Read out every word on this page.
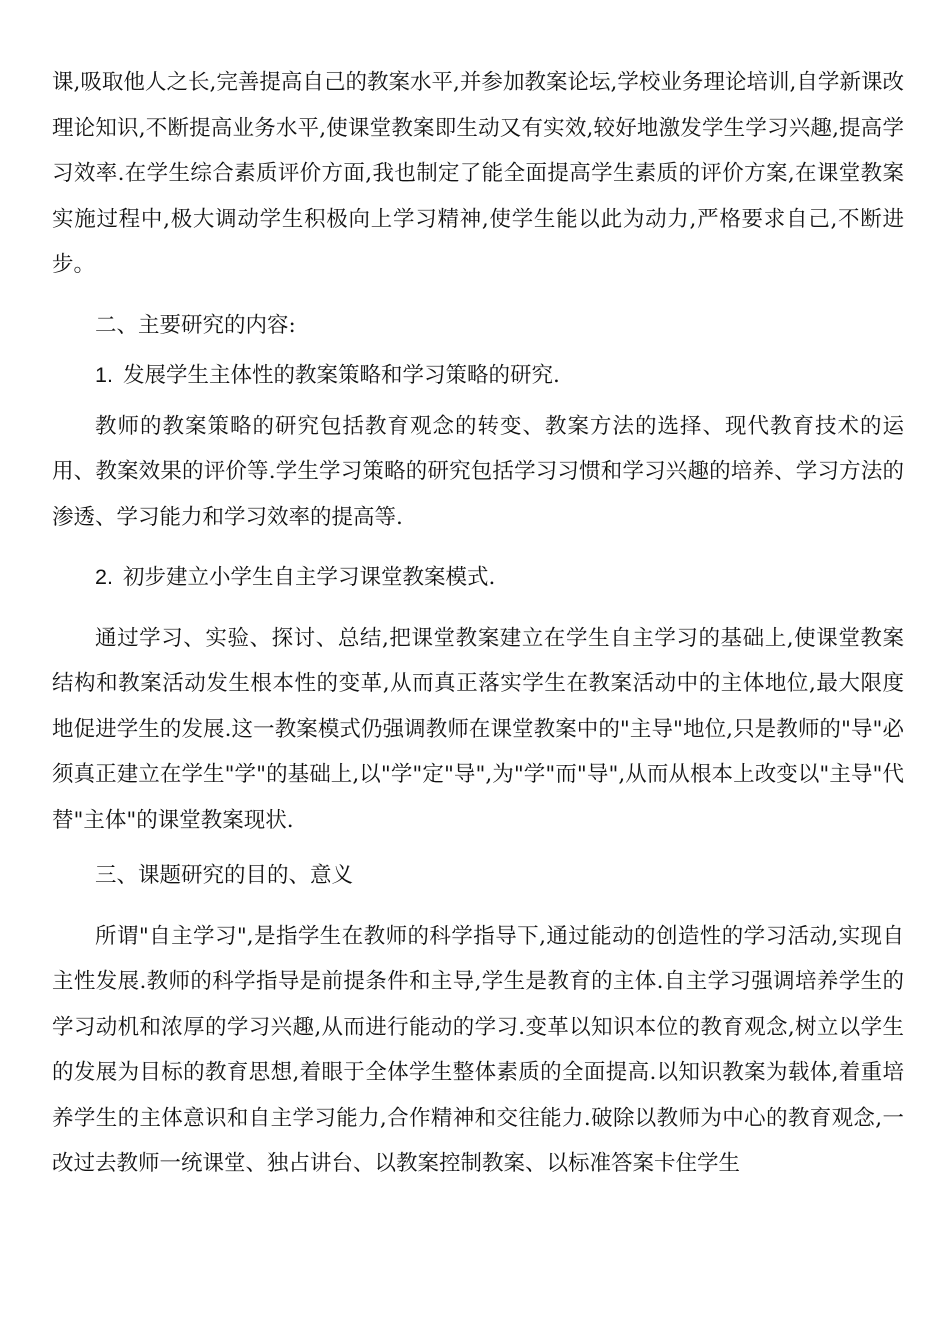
课,吸取他人之长,完善提高自己的教案水平,并参加教案论坛,学校业务理论培训,自学新课改理论知识,不断提高业务水平,使课堂教案即生动又有实效,较好地激发学生学习兴趣,提高学习效率.在学生综合素质评价方面,我也制定了能全面提高学生素质的评价方案,在课堂教案实施过程中,极大调动学生积极向上学习精神,使学生能以此为动力,严格要求自己,不断进步。

二、主要研究的内容:

1. 发展学生主体性的教案策略和学习策略的研究.

教师的教案策略的研究包括教育观念的转变、教案方法的选择、现代教育技术的运用、教案效果的评价等.学生学习策略的研究包括学习习惯和学习兴趣的培养、学习方法的渗透、学习能力和学习效率的提高等.

2. 初步建立小学生自主学习课堂教案模式.

通过学习、实验、探讨、总结,把课堂教案建立在学生自主学习的基础上,使课堂教案结构和教案活动发生根本性的变革,从而真正落实学生在教案活动中的主体地位,最大限度地促进学生的发展.这一教案模式仍强调教师在课堂教案中的"主导"地位,只是教师的"导"必须真正建立在学生"学"的基础上,以"学"定"导",为"学"而"导",从而从根本上改变以"主导"代替"主体"的课堂教案现状.

三、课题研究的目的、意义

所谓"自主学习",是指学生在教师的科学指导下,通过能动的创造性的学习活动,实现自主性发展.教师的科学指导是前提条件和主导,学生是教育的主体.自主学习强调培养学生的学习动机和浓厚的学习兴趣,从而进行能动的学习.变革以知识本位的教育观念,树立以学生的发展为目标的教育思想,着眼于全体学生整体素质的全面提高.以知识教案为载体,着重培养学生的主体意识和自主学习能力,合作精神和交往能力.破除以教师为中心的教育观念,一改过去教师一统课堂、独占讲台、以教案控制教案、以标准答案卡住学生
